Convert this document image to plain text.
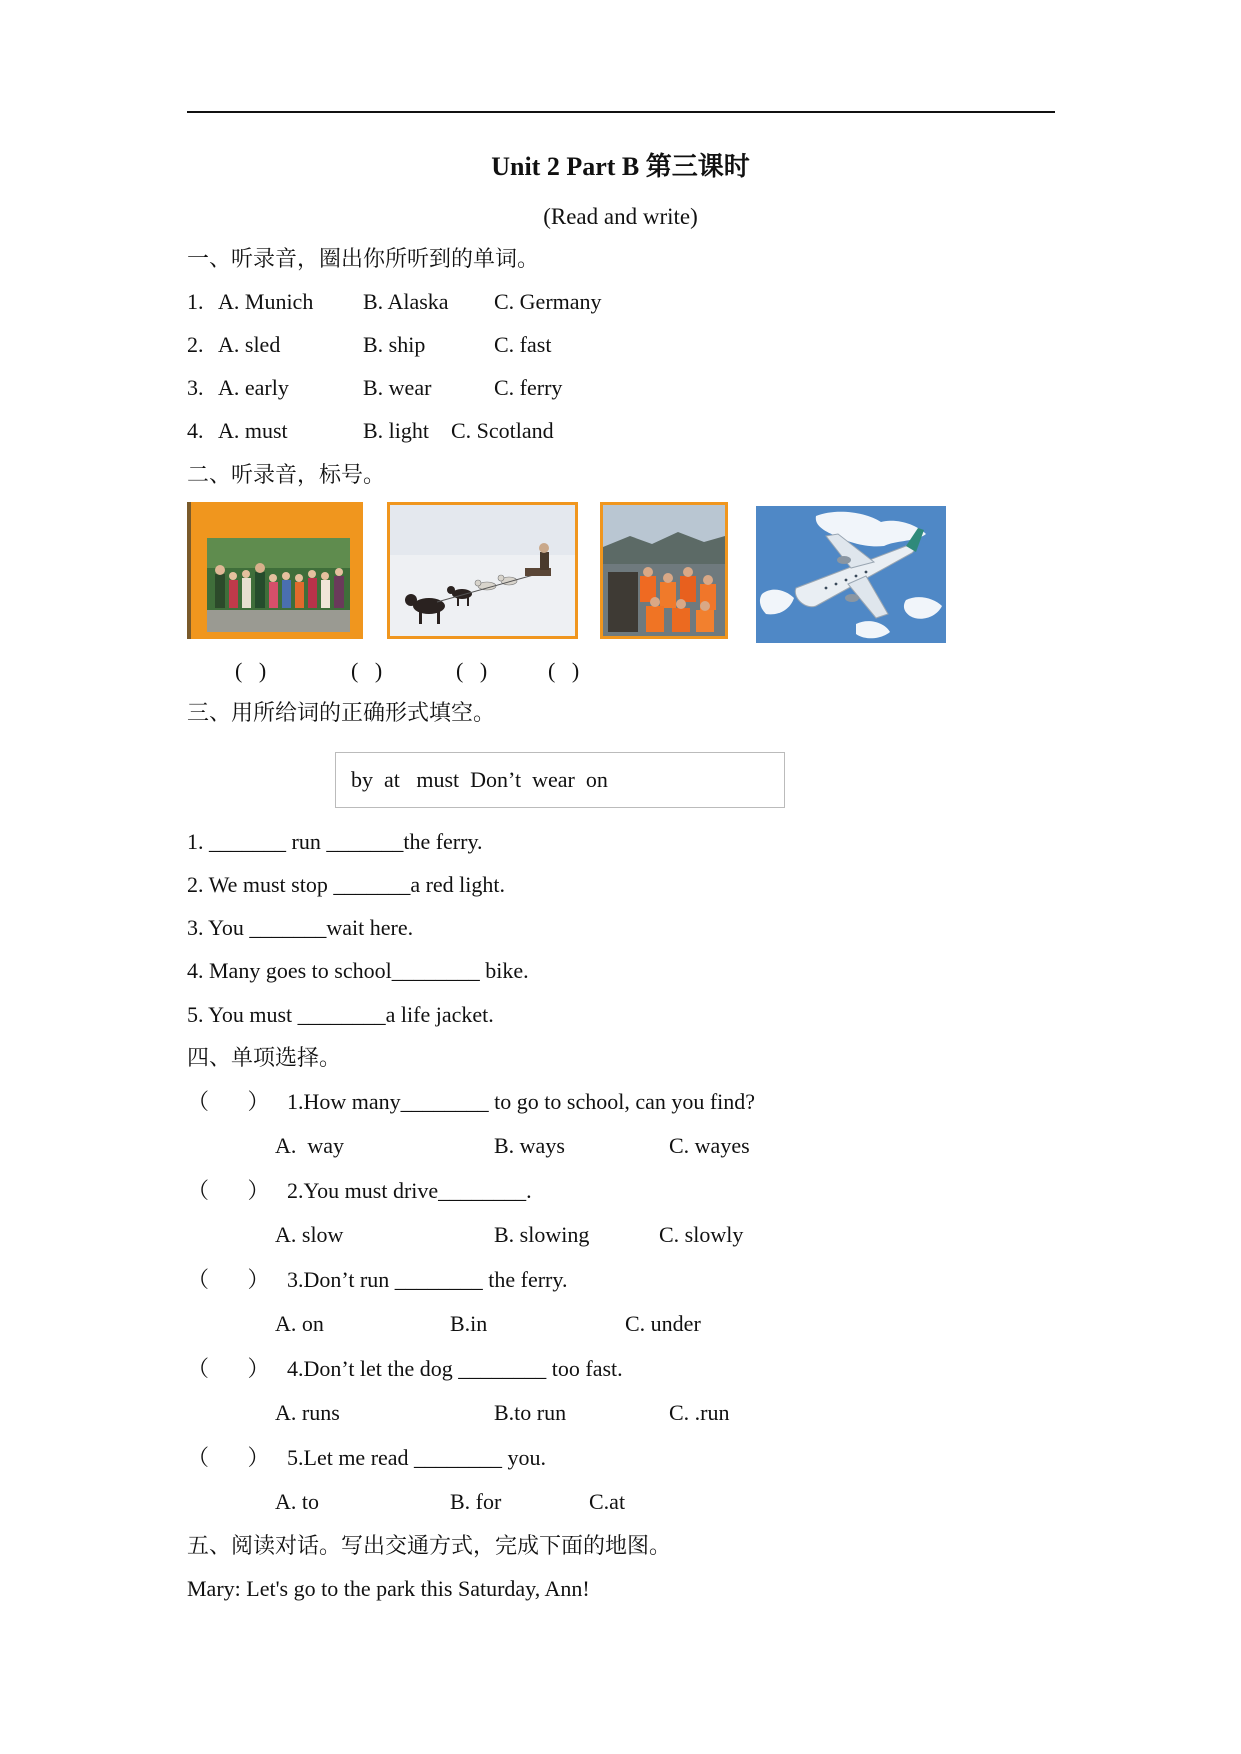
Unit 2 Part B 第三课时
(Read and write)
一、听录音，圈出你所听到的单词。
1. A. Munich B. Alaska C. Germany
2. A. sled	B. ship	C. fast
3. A. early	B. wear	C. ferry
4. A. must	B. light C. Scotland
二、听录音，标号。
(   )	(   )	(   )	(   )
三、用所给词的正确形式填空。
by  at   must  Don’t  wear  on
1. _______ run _______the ferry.
2. We must stop _______a red light.
3. You _______wait here.
4. Many goes to school________ bike.
5. You must ________a life jacket.
四、单项选择。
（       ） 1.How many________ to go to school, can you find?
A.  way	B. ways	C. wayes
（       ） 2.You must drive________.
A. slow	B. slowing	C. slowly
（       ） 3.Don’t run ________ the ferry.
A. on	B.in	C. under
（       ） 4.Don’t let the dog ________ too fast.
A. runs	B.to run	C. .run
（       ） 5.Let me read ________ you.
A. to	B. for	C.at
五、阅读对话。写出交通方式，完成下面的地图。
Mary: Let's go to the park this Saturday, Ann!
